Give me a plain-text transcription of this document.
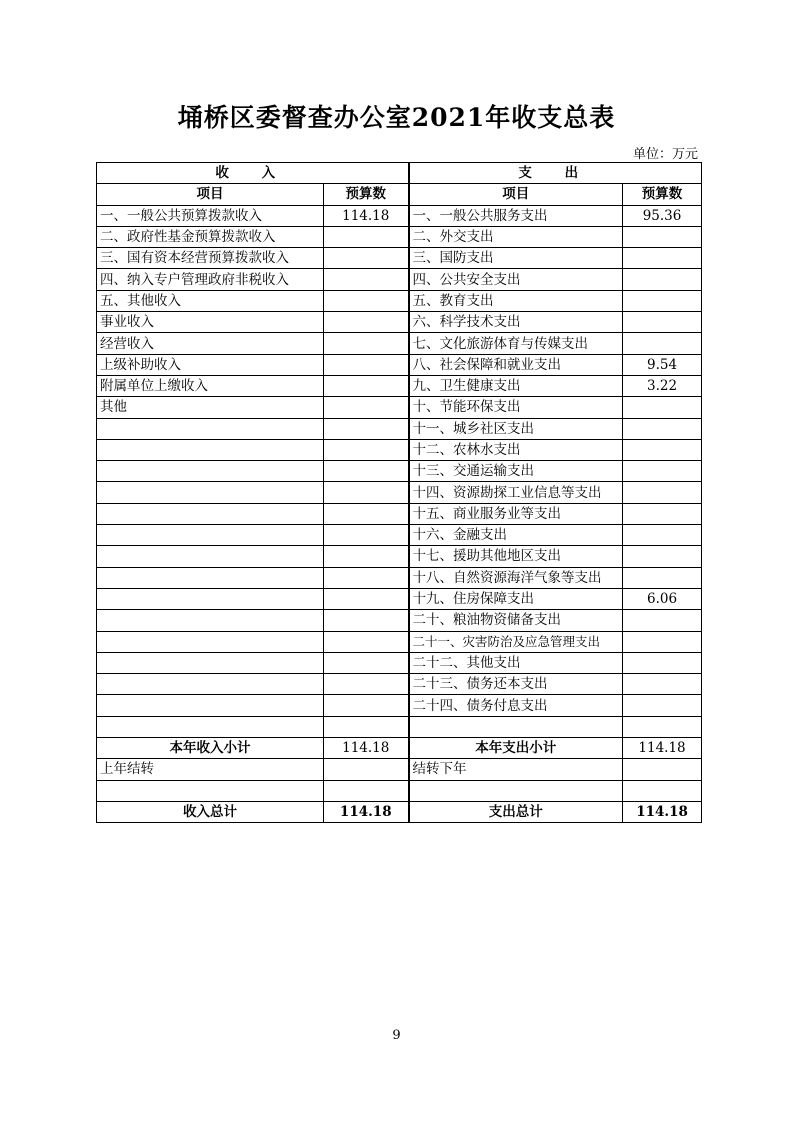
埇桥区委督查办公室2021年收支总表
单位：万元
收 入		支 出	
项目	预算数	项目	预算数
一、一般公共预算拨款收入	114.18	一、一般公共服务支出	95.36
二、政府性基金预算拨款收入		二、外交支出	
三、国有资本经营预算拨款收入		三、国防支出	
四、纳入专户管理政府非税收入		四、公共安全支出	
五、其他收入		五、教育支出	
事业收入		六、科学技术支出	
经营收入		七、文化旅游体育与传媒支出	
上级补助收入		八、社会保障和就业支出	9.54
附属单位上缴收入		九、卫生健康支出	3.22
其他		十、节能环保支出	
		十一、城乡社区支出	
		十二、农林水支出	
		十三、交通运输支出	
		十四、资源勘探工业信息等支出	
		十五、商业服务业等支出	
		十六、金融支出	
		十七、援助其他地区支出	
		十八、自然资源海洋气象等支出	
		十九、住房保障支出	6.06
		二十、粮油物资储备支出	
		二十一、灾害防治及应急管理支出	
		二十二、其他支出	
		二十三、债务还本支出	
		二十四、债务付息支出	

本年收入小计	114.18	本年支出小计	114.18
上年结转		结转下年	

收入总计	114.18	支出总计	114.18
9
